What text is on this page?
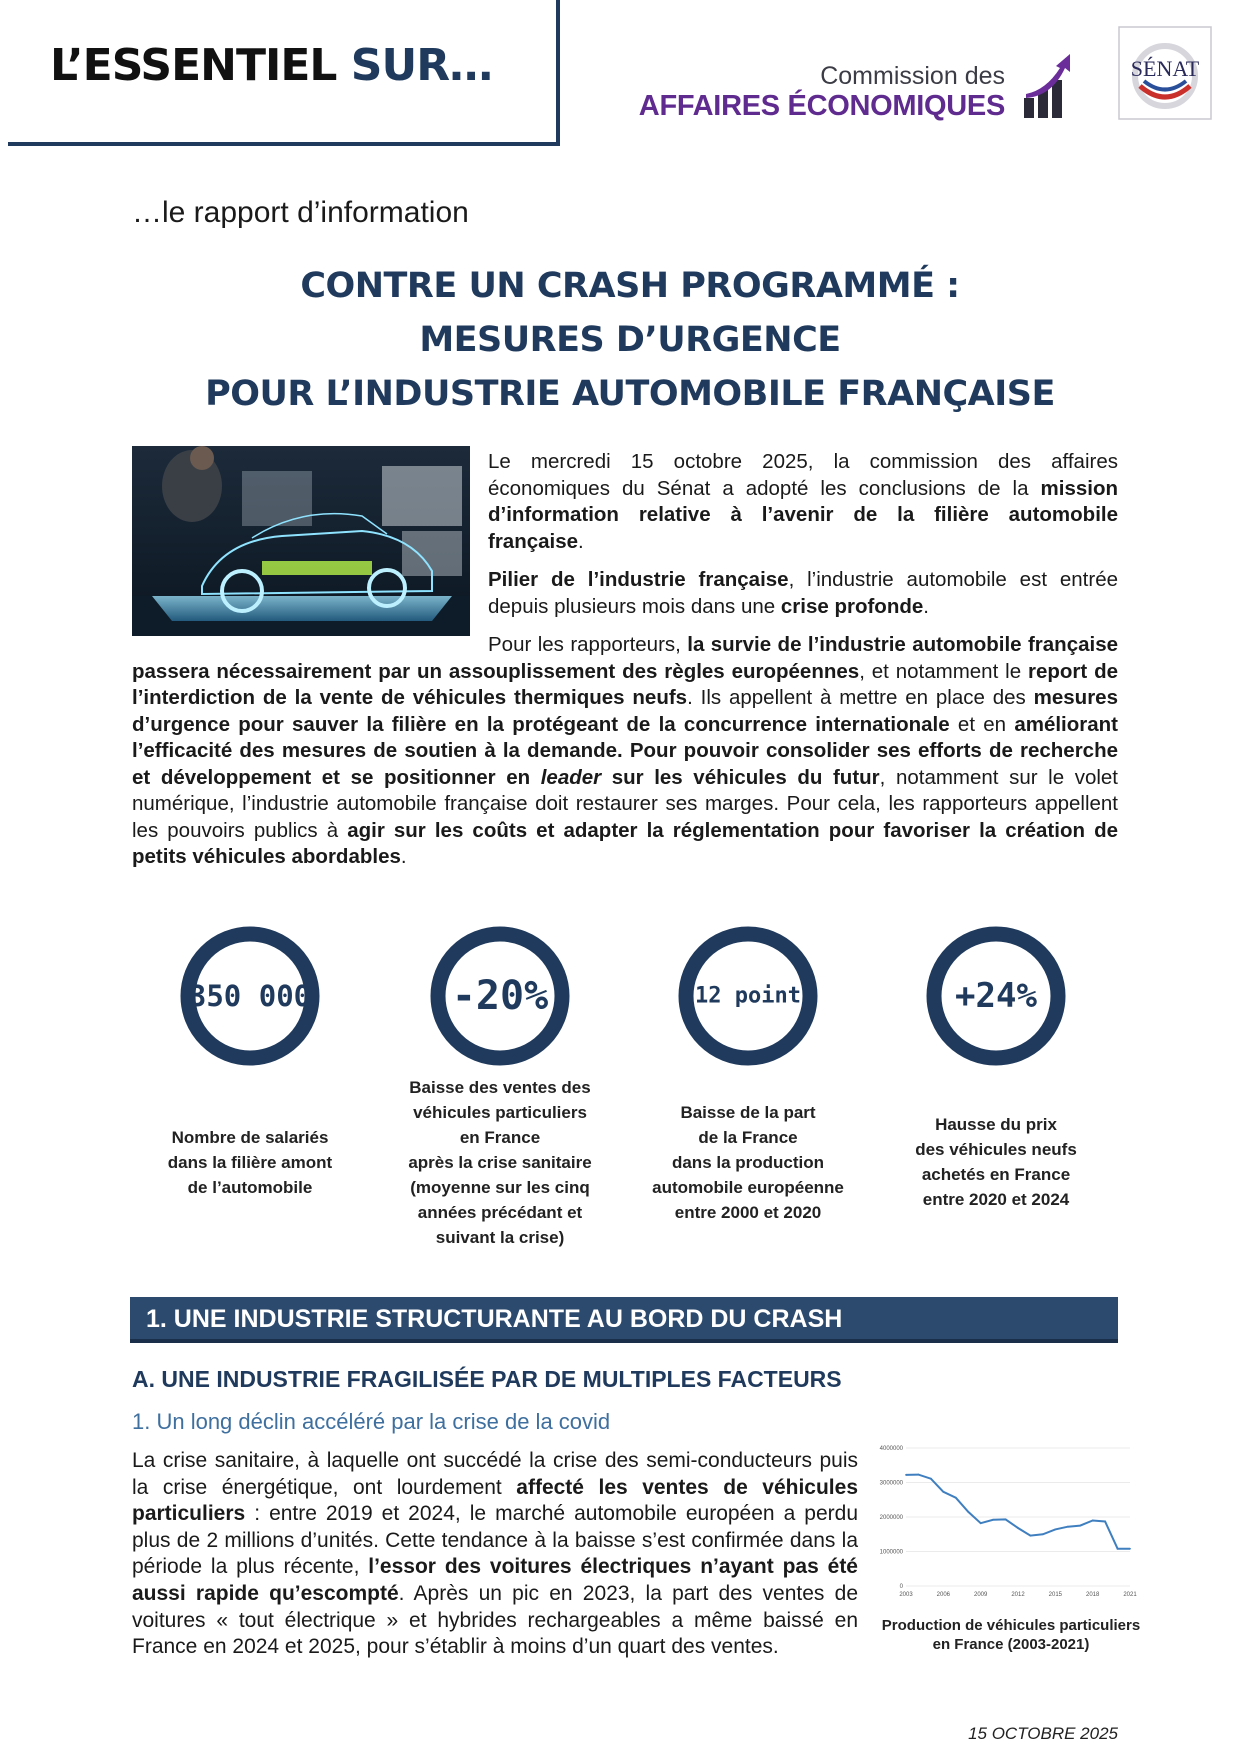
L’ESSENTIEL SUR…	Commission des
AFFAIRES ÉCONOMIQUES
SÉNAT
…le rapport d’information
CONTRE UN CRASH PROGRAMMÉ :
MESURES D’URGENCE
POUR L’INDUSTRIE AUTOMOBILE FRANÇAISE
Le mercredi 15 octobre 2025, la commission des affaires économiques du Sénat a adopté les conclusions de la mission d’information relative à l’avenir de la filière automobile française.
Pilier de l’industrie française, l’industrie automobile est entrée depuis plusieurs mois dans une crise profonde.
Pour les rapporteurs, la survie de l’industrie automobile française passera nécessairement par un assouplissement des règles européennes, et notamment le report de l’interdiction de la vente de véhicules thermiques neufs. Ils appellent à mettre en place des mesures d’urgence pour sauver la filière en la protégeant de la concurrence internationale et en améliorant l’efficacité des mesures de soutien à la demande. Pour pouvoir consolider ses efforts de recherche et développement et se positionner en leader sur les véhicules du futur, notamment sur le volet numérique, l’industrie automobile française doit restaurer ses marges. Pour cela, les rapporteurs appellent les pouvoirs publics à agir sur les coûts et adapter la réglementation pour favoriser la création de petits véhicules abordables.
350 000
Nombre de salariés
dans la filière amont
de l’automobile
-20%
Baisse des ventes des
véhicules particuliers
en France
après la crise sanitaire
(moyenne sur les cinq
années précédant et
suivant la crise)
-12 points
Baisse de la part
de la France
dans la production
automobile européenne
entre 2000 et 2020
+24%
Hausse du prix
des véhicules neufs
achetés en France
entre 2020 et 2024
1. UNE INDUSTRIE STRUCTURANTE AU BORD DU CRASH
A. UNE INDUSTRIE FRAGILISÉE PAR DE MULTIPLES FACTEURS
1. Un long déclin accéléré par la crise de la covid
La crise sanitaire, à laquelle ont succédé la crise des semi-conducteurs puis la crise énergétique, ont lourdement affecté les ventes de véhicules particuliers : entre 2019 et 2024, le marché automobile européen a perdu plus de 2 millions d’unités. Cette tendance à la baisse s’est confirmée dans la période la plus récente, l’essor des voitures électriques n’ayant pas été aussi rapide qu’escompté. Après un pic en 2023, la part des ventes de voitures « tout électrique » et hybrides rechargeables a même baissé en France en 2024 et 2025, pour s’établir à moins d’un quart des ventes.
0
1000000
2000000
3000000
4000000
2003	2006	2009	2012	2015	2018	2021
Production de véhicules particuliers en France (2003-2021)
15 OCTOBRE 2025
